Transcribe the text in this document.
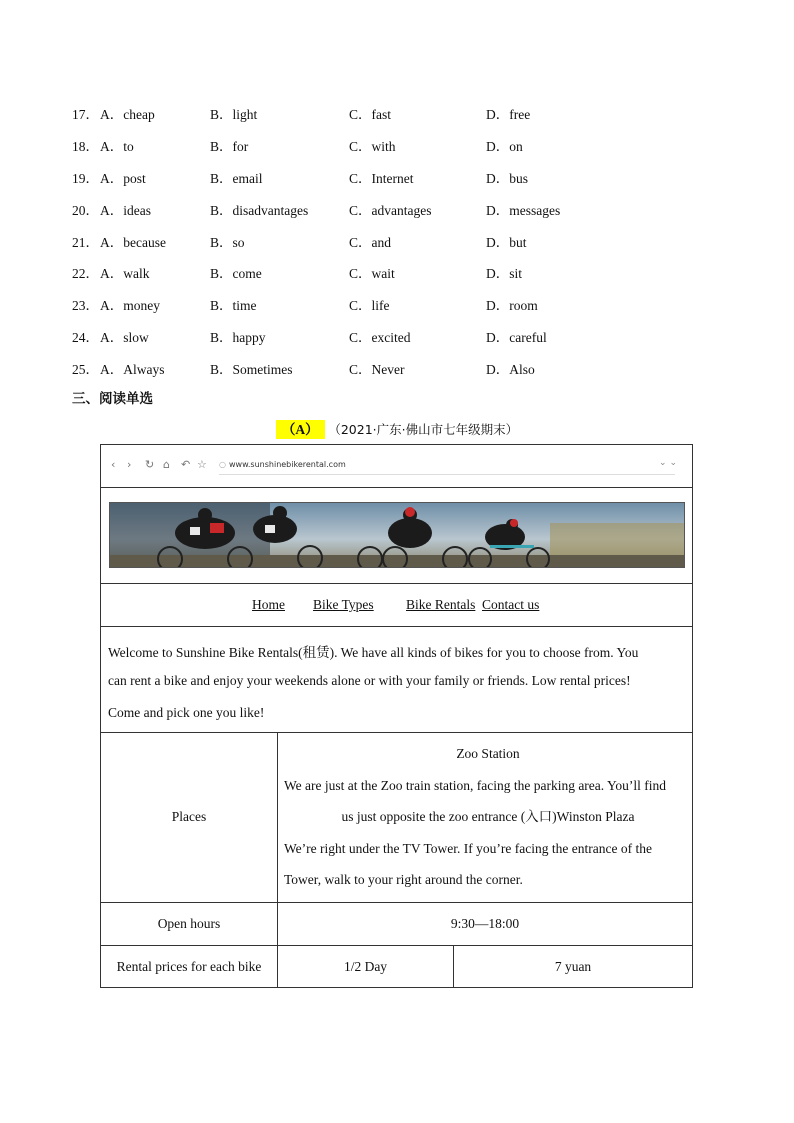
17． A．cheap	B．light	C．fast	D．free
18． A．to	B．for	C．with	D．on
19． A．post	B．email	C．Internet	D．bus
20． A．ideas	B．disadvantages	C．advantages	D．messages
21． A．because	B．so	C．and	D．but
22． A．walk	B．come	C．wait	D．sit
23． A．money	B．time	C．life	D．room
24． A．slow	B．happy	C．excited	D．careful
25． A．Always	B．Sometimes	C．Never	D．Also
三、阅读单选
（A） （2021·广东·佛山市七年级期末）
‹ › ↻ ⌂ ↶ ☆ ○ www.sunshinebikerental.com	⌄ ⌄
Home Bike Types Bike Rentals Contact us

Welcome to Sunshine Bike Rentals(租赁). We have all kinds of bikes for you to choose from. You

can rent a bike and enjoy your weekends alone or with your family or friends. Low rental prices!

Come and pick one you like!

Places	Zoo Station
We are just at the Zoo train station, facing the parking area. You’ll find
us just opposite the zoo entrance (入口)Winston Plaza
We’re right under the TV Tower. If you’re facing the entrance of the
Tower, walk to your right around the corner.	

Open hours	9:30—18:00	
Rental prices for each bike	1/2 Day	7 yuan
